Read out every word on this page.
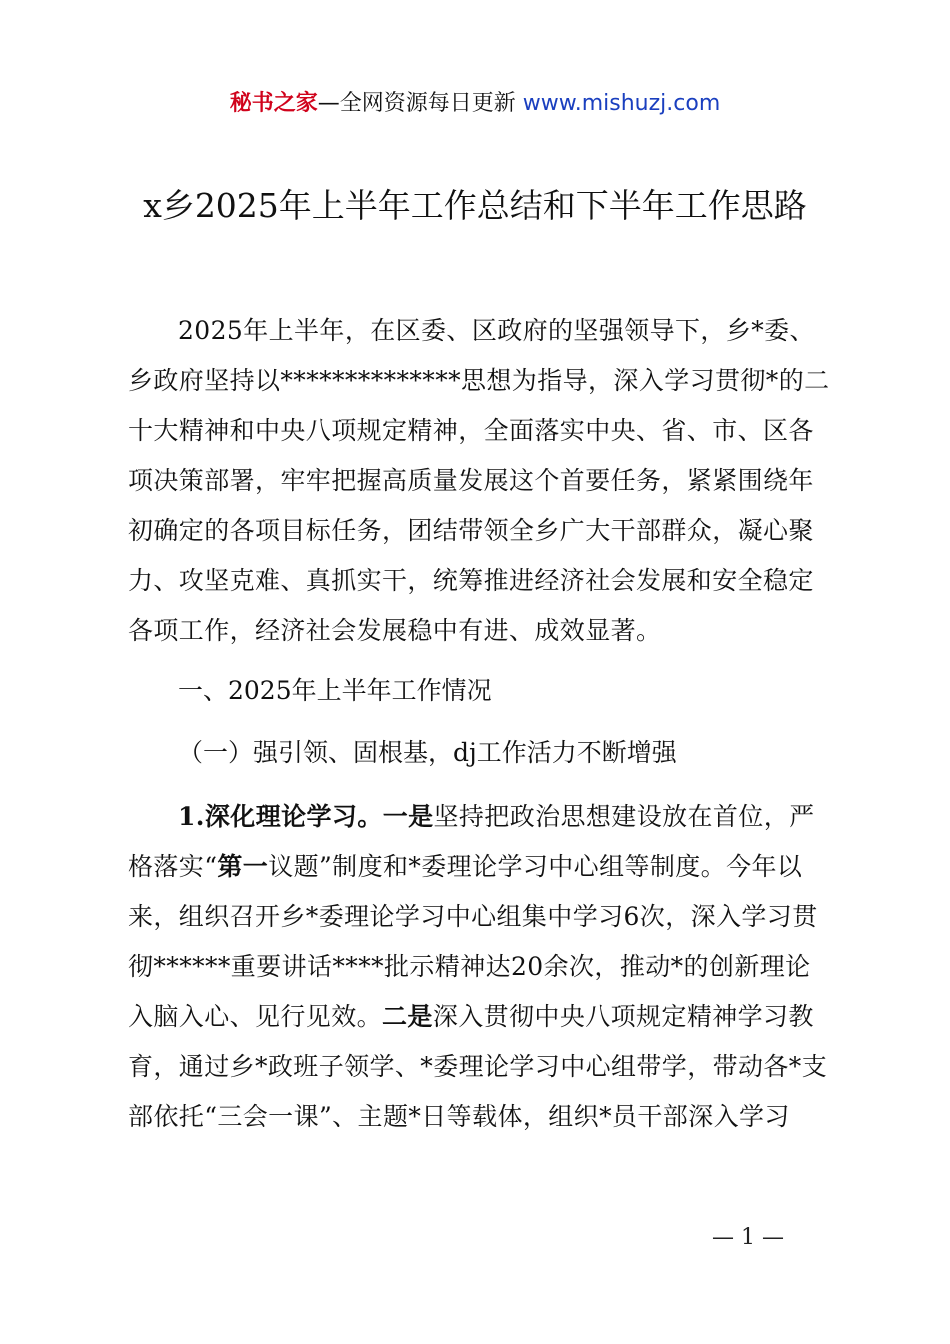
秘书之家—全网资源每日更新 www.mishuzj.com
x乡2025年上半年工作总结和下半年工作思路
2025年上半年，在区委、区政府的坚强领导下，乡*委、
乡政府坚持以**************思想为指导，深入学习贯彻*的二
十大精神和中央八项规定精神，全面落实中央、省、市、区各
项决策部署，牢牢把握高质量发展这个首要任务，紧紧围绕年
初确定的各项目标任务，团结带领全乡广大干部群众，凝心聚
力、攻坚克难、真抓实干，统筹推进经济社会发展和安全稳定
各项工作，经济社会发展稳中有进、成效显著。
一、2025年上半年工作情况
（一）强引领、固根基，dj工作活力不断增强
1.深化理论学习。一是坚持把政治思想建设放在首位，严
格落实“第一议题”制度和*委理论学习中心组等制度。今年以
来，组织召开乡*委理论学习中心组集中学习6次，深入学习贯
彻******重要讲话****批示精神达20余次，推动*的创新理论
入脑入心、见行见效。二是深入贯彻中央八项规定精神学习教
育，通过乡*政班子领学、*委理论学习中心组带学，带动各*支
部依托“三会一课”、主题*日等载体，组织*员干部深入学习
— 1 —
